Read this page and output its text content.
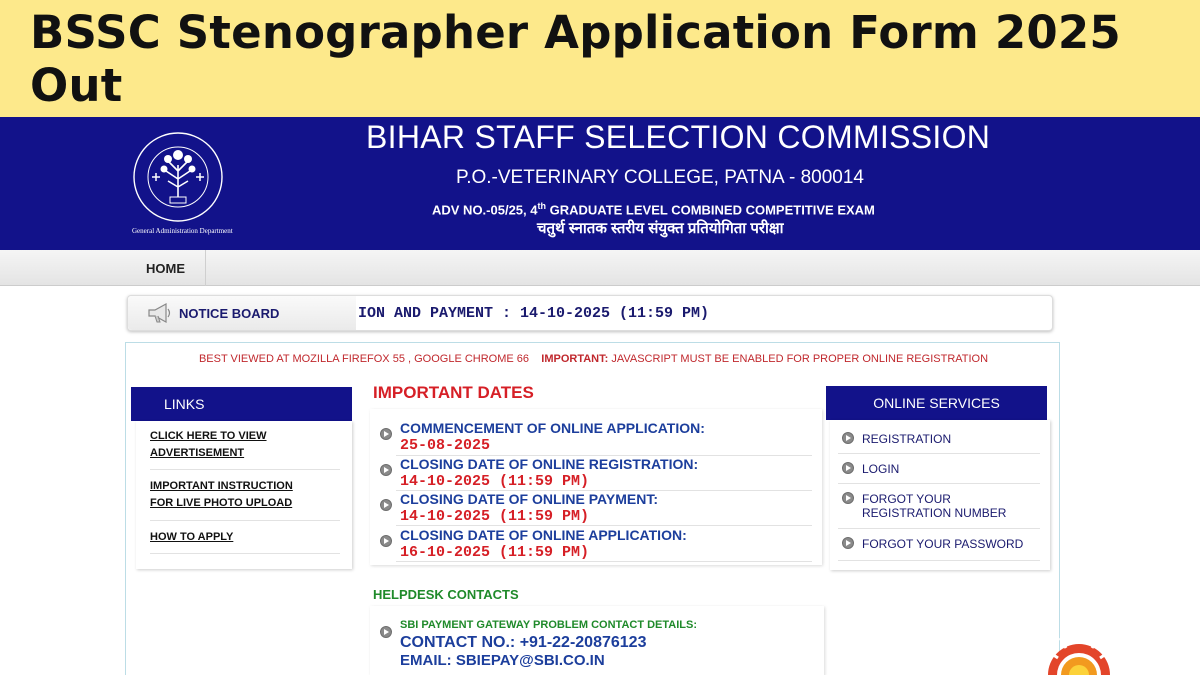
BSSC Stenographer Application Form 2025 Out
General Administration Department
BIHAR STAFF SELECTION COMMISSION
P.O.-VETERINARY COLLEGE, PATNA - 800014
ADV NO.-05/25, 4th GRADUATE LEVEL COMBINED COMPETITIVE EXAM
चतुर्थ स्नातक स्तरीय संयुक्त प्रतियोगिता परीक्षा
HOME
NOTICE BOARD	ION AND PAYMENT : 14-10-2025 (11:59 PM)
BEST VIEWED AT MOZILLA FIREFOX 55 , GOOGLE CHROME 66 IMPORTANT: JAVASCRIPT MUST BE ENABLED FOR PROPER ONLINE REGISTRATION
LINKS
CLICK HERE TO VIEW
ADVERTISEMENT
IMPORTANT INSTRUCTION
FOR LIVE PHOTO UPLOAD
HOW TO APPLY
IMPORTANT DATES
COMMENCEMENT OF ONLINE APPLICATION:
25-08-2025
CLOSING DATE OF ONLINE REGISTRATION:
14-10-2025 (11:59 PM)
CLOSING DATE OF ONLINE PAYMENT:
14-10-2025 (11:59 PM)
CLOSING DATE OF ONLINE APPLICATION:
16-10-2025 (11:59 PM)
HELPDESK CONTACTS
SBI PAYMENT GATEWAY PROBLEM CONTACT DETAILS:
CONTACT NO.: +91-22-20876123
EMAIL: SBIEPAY@SBI.CO.IN
ONLINE SERVICES
REGISTRATION
LOGIN
FORGOT YOUR
REGISTRATION NUMBER
FORGOT YOUR PASSWORD
